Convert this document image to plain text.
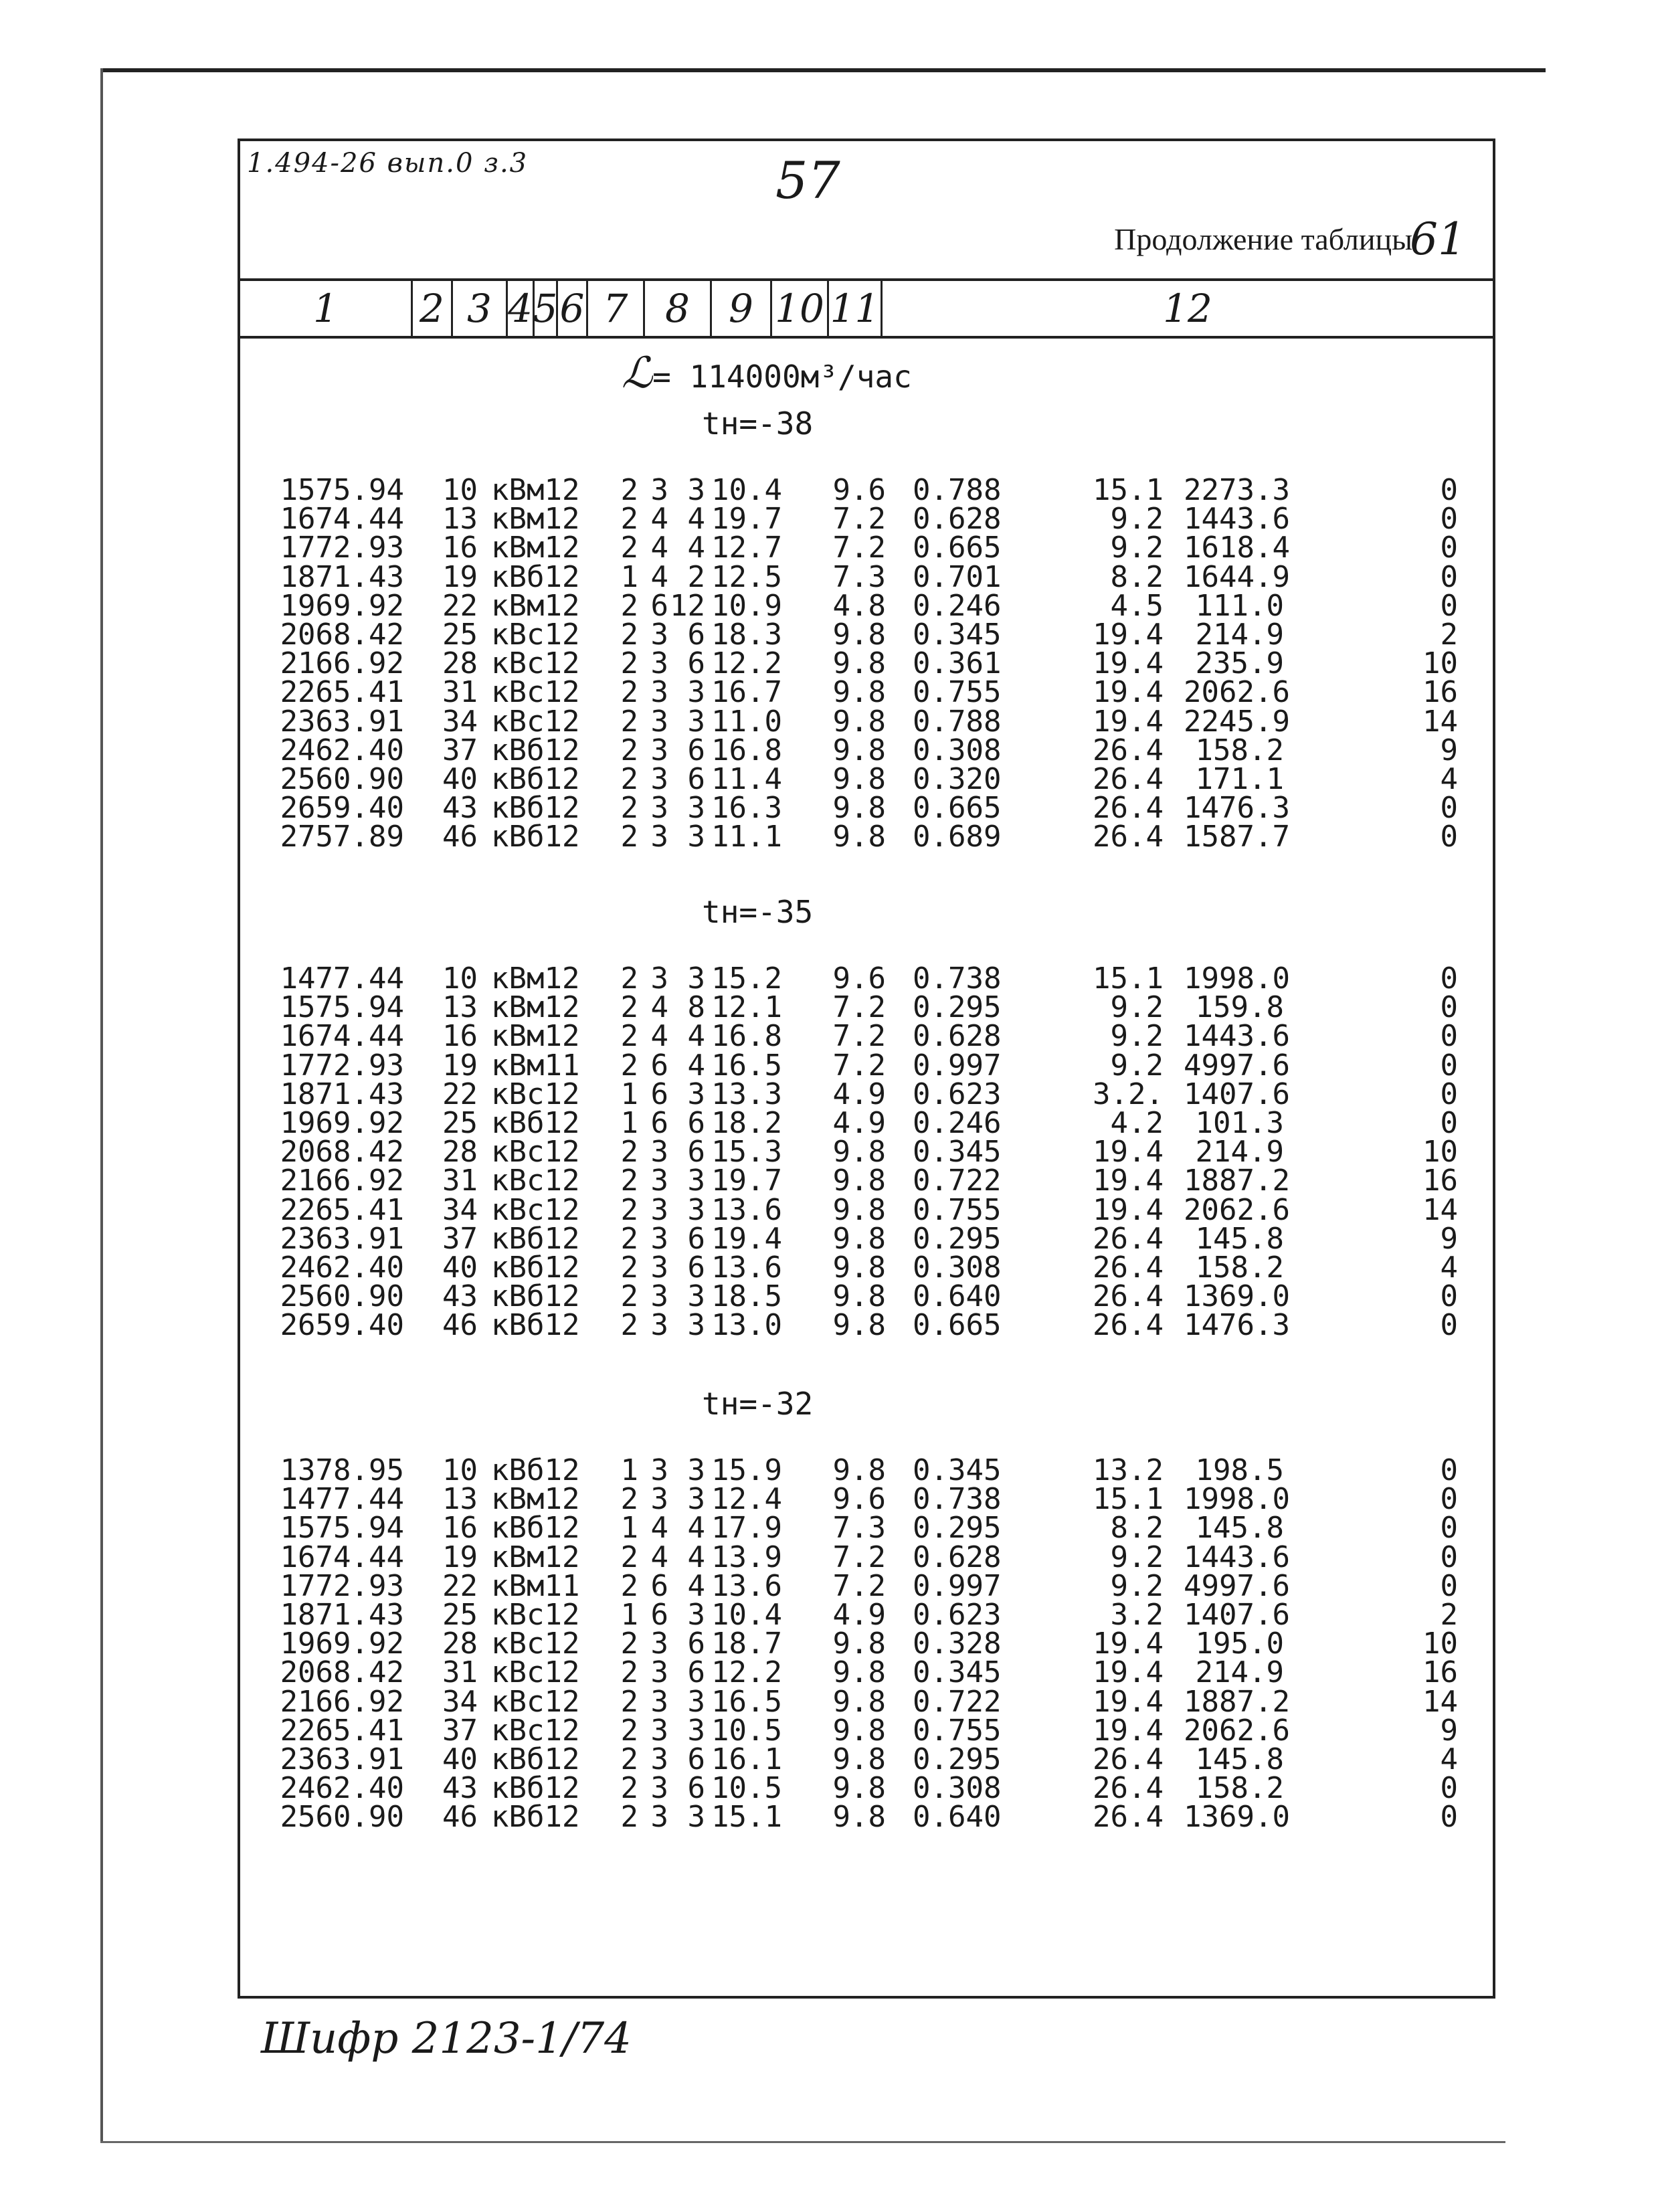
1.494-26 вып.0 з.3	57
Продолжение таблицы
61
1	2 3 4 5 6 7 8	9 10 11	12
ℒ= 114000м³/час
tн=-38
1575.94 10 кВм12	2 3 3 10.4 9.6 0.788	15.1 2273.3	0
1674.44 13 кВм12	2 4 4 19.7 7.2 0.628	9.2 1443.6	0
1772.93 16 кВм12	2 4 4 12.7 7.2 0.665	9.2 1618.4	0
1871.43 19 кВб12	1 4 2 12.5 7.3 0.701	8.2 1644.9	0
1969.92 22 кВм12	2 6 12 10.9 4.8 0.246	4.5	111.0	0
2068.42 25 кВс12	2 3 6 18.3 9.8 0.345	19.4	214.9	2
2166.92 28 кВс12	2 3 6 12.2 9.8 0.361	19.4	235.9	10
2265.41 31 кВс12	2 3 3 16.7 9.8 0.755	19.4 2062.6	16
2363.91 34 кВс12	2 3 3 11.0 9.8 0.788	19.4 2245.9	14
2462.40 37 кВб12	2 3 6 16.8 9.8 0.308	26.4	158.2	9
2560.90 40 кВб12	2 3 6 11.4 9.8 0.320	26.4	171.1	4
2659.40 43 кВб12	2 3 3 16.3 9.8 0.665	26.4 1476.3	0
2757.89 46 кВб12	2 3 3 11.1 9.8 0.689	26.4 1587.7	0
tн=-35
1477.44 10 кВм12	2 3 3 15.2 9.6 0.738	15.1 1998.0	0
1575.94 13 кВм12	2 4 8 12.1 7.2 0.295	9.2	159.8	0
1674.44 16 кВм12	2 4 4 16.8 7.2 0.628	9.2 1443.6	0
1772.93 19 кВм11	2 6 4 16.5 7.2 0.997	9.2 4997.6	0
1871.43 22 кВс12	1 6 3 13.3 4.9 0.623	3.2. 1407.6	0
1969.92 25 кВб12	1 6 6 18.2 4.9 0.246	4.2	101.3	0
2068.42 28 кВс12	2 3 6 15.3 9.8 0.345	19.4	214.9	10
2166.92 31 кВс12	2 3 3 19.7 9.8 0.722	19.4 1887.2	16
2265.41 34 кВс12	2 3 3 13.6 9.8 0.755	19.4 2062.6	14
2363.91 37 кВб12	2 3 6 19.4 9.8 0.295	26.4	145.8	9
2462.40 40 кВб12	2 3 6 13.6 9.8 0.308	26.4	158.2	4
2560.90 43 кВб12	2 3 3 18.5 9.8 0.640	26.4 1369.0	0
2659.40 46 кВб12	2 3 3 13.0 9.8 0.665	26.4 1476.3	0
tн=-32
1378.95 10 кВб12	1 3 3 15.9 9.8 0.345	13.2	198.5	0
1477.44 13 кВм12	2 3 3 12.4 9.6 0.738	15.1 1998.0	0
1575.94 16 кВб12	1 4 4 17.9 7.3 0.295	8.2	145.8	0
1674.44 19 кВм12	2 4 4 13.9 7.2 0.628	9.2 1443.6	0
1772.93 22 кВм11	2 6 4 13.6 7.2 0.997	9.2 4997.6	0
1871.43 25 кВс12	1 6 3 10.4 4.9 0.623	3.2 1407.6	2
1969.92 28 кВс12	2 3 6 18.7 9.8 0.328	19.4	195.0	10
2068.42 31 кВс12	2 3 6 12.2 9.8 0.345	19.4	214.9	16
2166.92 34 кВс12	2 3 3 16.5 9.8 0.722	19.4 1887.2	14
2265.41 37 кВс12	2 3 3 10.5 9.8 0.755	19.4 2062.6	9
2363.91 40 кВб12	2 3 6 16.1 9.8 0.295	26.4	145.8	4
2462.40 43 кВб12	2 3 6 10.5 9.8 0.308	26.4	158.2	0
2560.90 46 кВб12	2 3 3 15.1 9.8 0.640	26.4 1369.0	0
Шифр 2123-1/74
